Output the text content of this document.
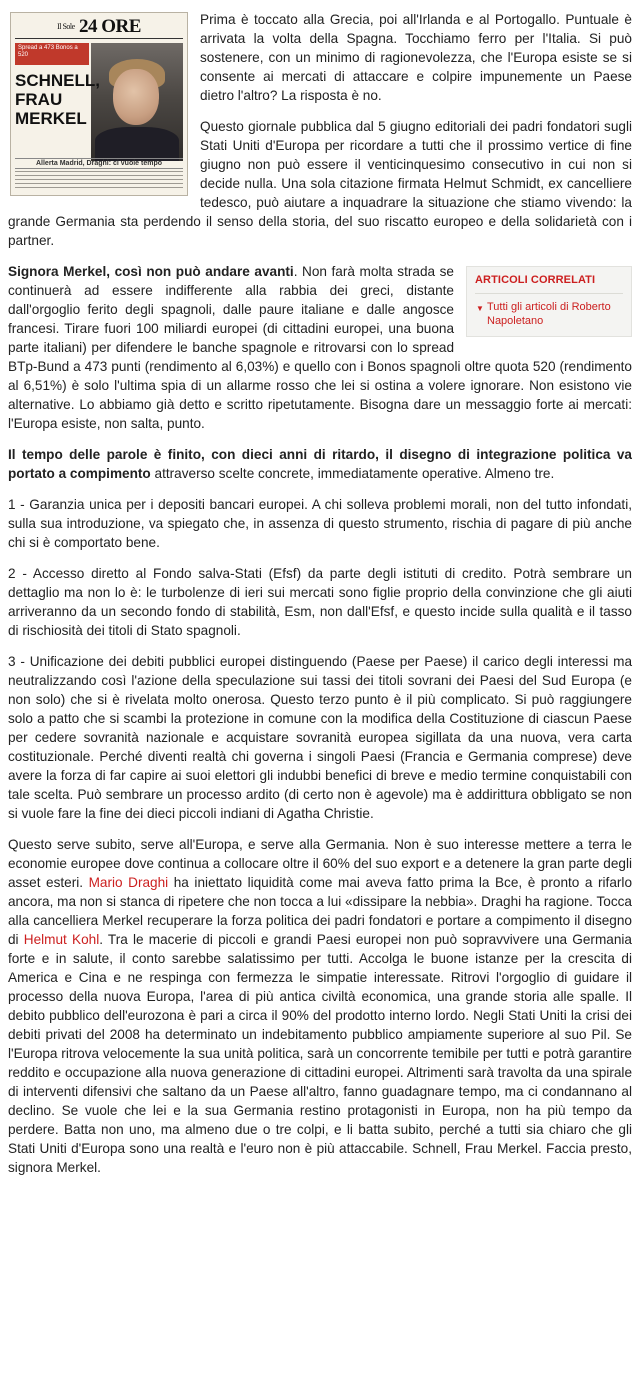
$^{Il Sole}$ 24 ORE
Spread a 473 Bonos a 520
SCHNELL, FRAU MERKEL
Allerta Madrid, Draghi: ci vuole tempo

Prima è toccato alla Grecia, poi all'Irlanda e al Portogallo. Puntuale è arrivata la volta della Spagna. Tocchiamo ferro per l'Italia. Si può sostenere, con un minimo di ragionevolezza, che l'Europa esiste se si consente ai mercati di attaccare e colpire impunemente un Paese dietro l'altro? La risposta è no.

Questo giornale pubblica dal 5 giugno editoriali dei padri fondatori sugli Stati Uniti d'Europa per ricordare a tutti che il prossimo vertice di fine giugno non può essere il venticinquesimo consecutivo in cui non si decide nulla. Una sola citazione firmata Helmut Schmidt, ex cancelliere tedesco, può aiutare a inquadrare la situazione che stiamo vivendo: la grande Germania sta perdendo il senso della storia, del suo riscatto europeo e della solidarietà con i partner.

ARTICOLI CORRELATI
▼ Tutti gli articoli di Roberto Napoletano

Signora Merkel, così non può andare avanti. Non farà molta strada se continuerà ad essere indifferente alla rabbia dei greci, distante dall'orgoglio ferito degli spagnoli, dalle paure italiane e dalle angosce francesi. Tirare fuori 100 miliardi europei (di cittadini europei, una buona parte italiani) per difendere le banche spagnole e ritrovarsi con lo spread BTp-Bund a 473 punti (rendimento al 6,03%) e quello con i Bonos spagnoli oltre quota 520 (rendimento al 6,51%) è solo l'ultima spia di un allarme rosso che lei si ostina a volere ignorare. Non esistono vie alternative. Lo abbiamo già detto e scritto ripetutamente. Bisogna dare un messaggio forte ai mercati: l'Europa esiste, non salta, punto.

Il tempo delle parole è finito, con dieci anni di ritardo, il disegno di integrazione politica va portato a compimento attraverso scelte concrete, immediatamente operative. Almeno tre.

1 - Garanzia unica per i depositi bancari europei. A chi solleva problemi morali, non del tutto infondati, sulla sua introduzione, va spiegato che, in assenza di questo strumento, rischia di pagare di più anche chi si è comportato bene.

2 - Accesso diretto al Fondo salva-Stati (Efsf) da parte degli istituti di credito. Potrà sembrare un dettaglio ma non lo è: le turbolenze di ieri sui mercati sono figlie proprio della convinzione che gli aiuti arriveranno da un secondo fondo di stabilità, Esm, non dall'Efsf, e questo incide sulla qualità e il tasso di rischiosità dei titoli di Stato spagnoli.

3 - Unificazione dei debiti pubblici europei distinguendo (Paese per Paese) il carico degli interessi ma neutralizzando così l'azione della speculazione sui tassi dei titoli sovrani dei Paesi del Sud Europa (e non solo) che si è rivelata molto onerosa. Questo terzo punto è il più complicato. Si può raggiungere solo a patto che si scambi la protezione in comune con la modifica della Costituzione di ciascun Paese per cedere sovranità nazionale e acquistare sovranità europea sigillata da una nuova, vera carta costituzionale. Perché diventi realtà chi governa i singoli Paesi (Francia e Germania comprese) deve avere la forza di far capire ai suoi elettori gli indubbi benefici di breve e medio termine conquistabili con tale scelta. Può sembrare un processo ardito (di certo non è agevole) ma è addirittura obbligato se non si vuole fare la fine dei dieci piccoli indiani di Agatha Christie.

Questo serve subito, serve all'Europa, e serve alla Germania. Non è suo interesse mettere a terra le economie europee dove continua a collocare oltre il 60% del suo export e a detenere la gran parte degli asset esteri. Mario Draghi ha iniettato liquidità come mai aveva fatto prima la Bce, è pronto a rifarlo ancora, ma non si stanca di ripetere che non tocca a lui «dissipare la nebbia». Draghi ha ragione. Tocca alla cancelliera Merkel recuperare la forza politica dei padri fondatori e portare a compimento il disegno di Helmut Kohl. Tra le macerie di piccoli e grandi Paesi europei non può sopravvivere una Germania forte e in salute, il conto sarebbe salatissimo per tutti. Accolga le buone istanze per la crescita di America e Cina e ne respinga con fermezza le simpatie interessate. Ritrovi l'orgoglio di guidare il processo della nuova Europa, l'area di più antica civiltà economica, una grande storia alle spalle. Il debito pubblico dell'eurozona è pari a circa il 90% del prodotto interno lordo. Negli Stati Uniti la crisi dei debiti privati del 2008 ha determinato un indebitamento pubblico ampiamente superiore al suo Pil. Se l'Europa ritrova velocemente la sua unità politica, sarà un concorrente temibile per tutti e potrà garantire reddito e occupazione alla nuova generazione di cittadini europei. Altrimenti sarà travolta da una spirale di interventi difensivi che saltano da un Paese all'altro, fanno guadagnare tempo, ma ci condannano al declino. Se vuole che lei e la sua Germania restino protagonisti in Europa, non ha più tempo da perdere. Batta non uno, ma almeno due o tre colpi, e li batta subito, perché a tutti sia chiaro che gli Stati Uniti d'Europa sono una realtà e l'euro non è più attaccabile. Schnell, Frau Merkel. Faccia presto, signora Merkel.
